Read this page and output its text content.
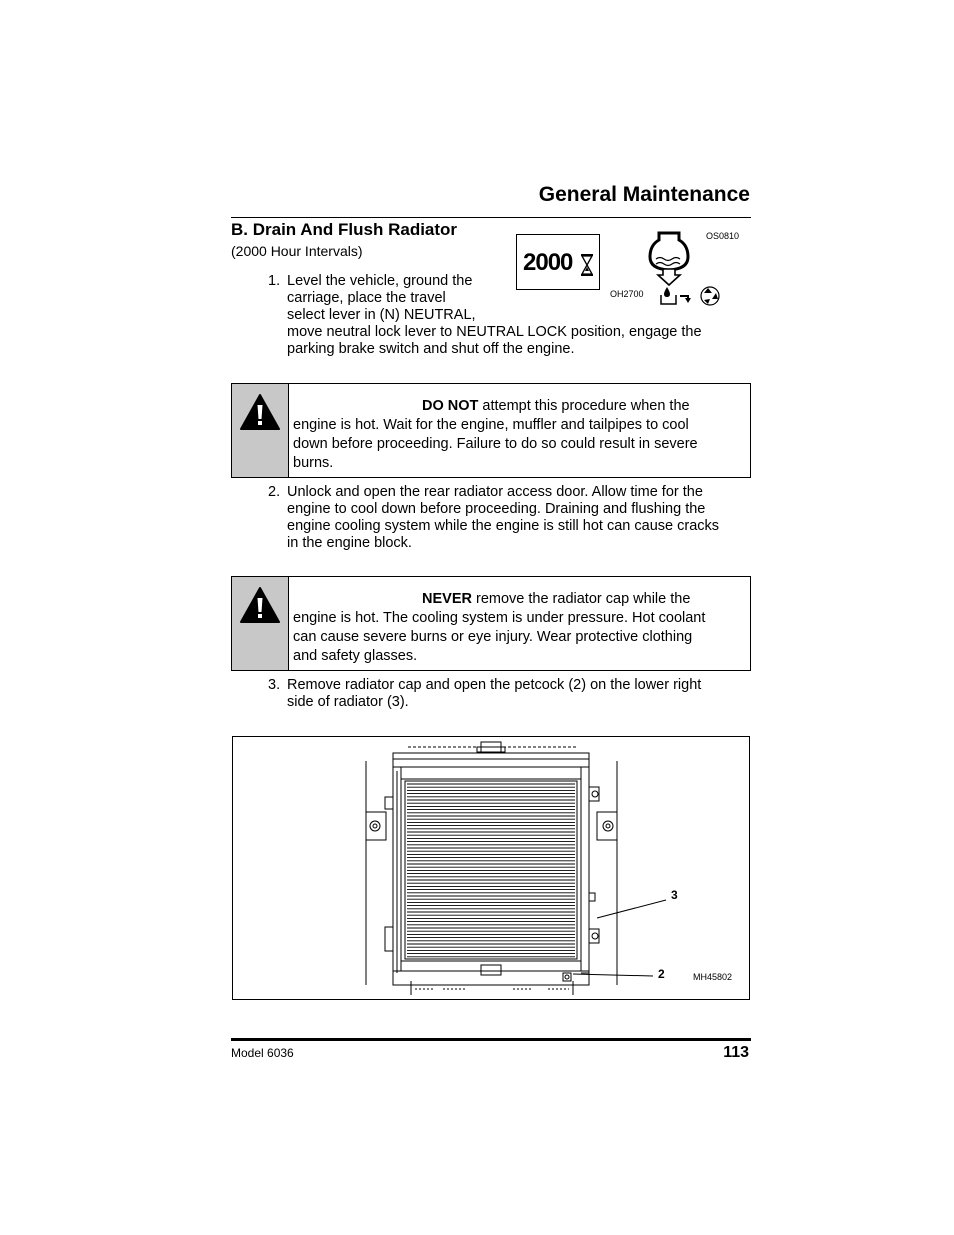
General Maintenance
B. Drain And Flush Radiator
(2000 Hour Intervals)	2000
OS0810
OH2700
1. Level the vehicle, ground the
carriage, place the travel
select lever in (N) NEUTRAL,
move neutral lock lever to NEUTRAL LOCK position, engage the
parking brake switch and shut off the engine.
DO NOT attempt this procedure when the
engine is hot. Wait for the engine, muffler and tailpipes to cool
down before proceeding. Failure to do so could result in severe
burns.
2. Unlock and open the rear radiator access door. Allow time for the
engine to cool down before proceeding. Draining and flushing the
engine cooling system while the engine is still hot can cause cracks
in the engine block.
NEVER remove the radiator cap while the
engine is hot. The cooling system is under pressure. Hot coolant
can cause severe burns or eye injury. Wear protective clothing
and safety glasses.
3. Remove radiator cap and open the petcock (2) on the lower right
side of radiator (3).
3
2	MH45802
Model 6036	113
